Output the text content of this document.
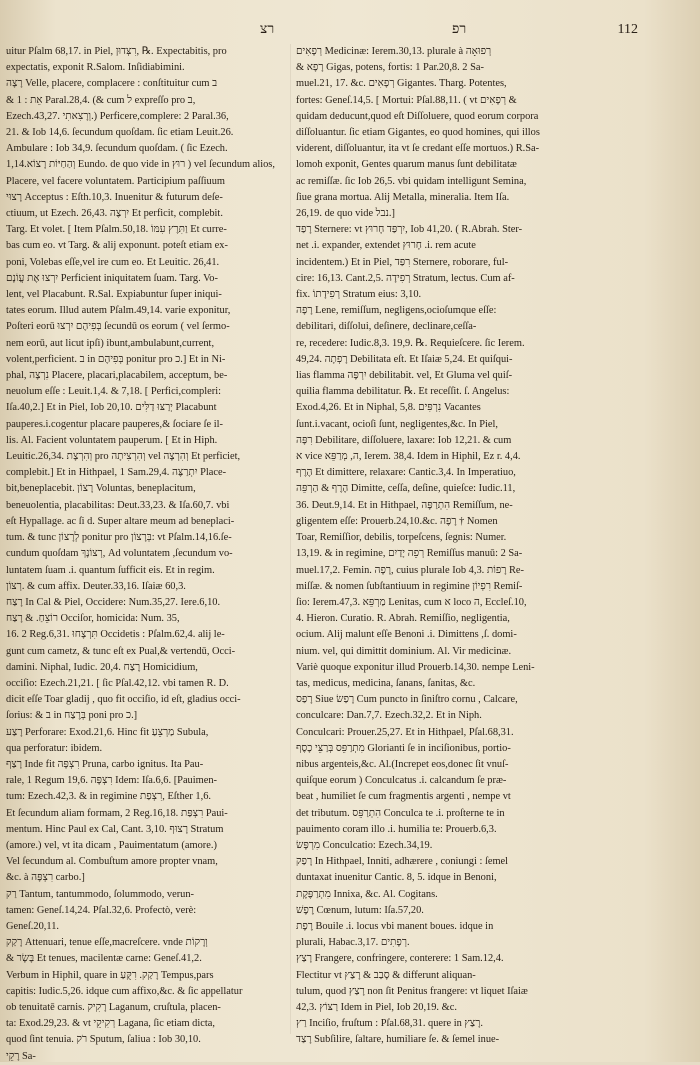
רצ	רפ	112

uitur Pſalm 68,17. in Piel, רִצְּדוּן, ℞. Expectabitis, pro

expectatis, exponit R.Salom. Inſidiabimini.

רָצָה Velle, placere, complacere : conſtituitur cum ב

& אֵת : 1 Paral.28,4. (& cum ל expreſſo pro ב,

Ezech.43,27. וְרָצִאתִי.) Perficere,complere: 2 Paral.36,

21. & Iob 14,6. ſecundum quoſdam. ſic etiam Leuit.26.

Ambulare : Iob 34,9. ſecundum quoſdam. ( ſic Ezech.

1,14.וְהַחַיּוֹת רָצוֹא Eundo. de quo vide in רוּץ ) vel ſecundum alios,

Placere, vel facere voluntatem. Participium paſſiuum

רָצוּי Acceptus : Eſth.10,3. Inuenitur & futurum deſe-

ctiuum, ut Ezech. 26,43. יִרְצֶה Et perficit, complebit.

Targ. Et volet. [ Item Pſalm.50,18. וַתִּרֶץ עִמּוֹ Et curre-

bas cum eo. vt Targ. & alij exponunt. poteſt etiam ex-

poni, Volebas eſſe,vel ire cum eo. Et Leuitic. 26,41.

יִרְצוּ אֶת עֲוֹנָם Perficient iniquitatem ſuam. Targ. Vo-

lent, vel Placabunt. R.Sal. Expiabuntur ſuper iniqui-

tates eorum. Illud autem Pſalm.49,14. varie exponitur,

Poſteri eorū בְּפִיהֶם יִרְצוּ ſecundū os eorum ( vel ſermo-

nem eorū, aut licut ipſi) ibunt,ambulabunt,current,

volent,perficient. ב in בְּפִיהֶם ponitur pro כ.] Et in Ni-

phal, נִרְצָה Placere, placari,placabilem, acceptum, be-

neuolum eſſe : Leuit.1,4. & 7,18. [ Perfici,compleri:

Iſa.40,2.] Et in Piel, Iob 20,10. יְרַצּוּ דַלִּים Placabunt

pauperes.i.cogentur placare pauperes,& ſociare ſe il-

lis. Al. Facient voluntatem pauperum. [ Et in Hiph.

Leuitic.26,34. וְהִרְצָת pro וְהִרְצִיתָה vel וְהִרְצָה Et perficiet,

complebit.] Et in Hithpael, 1 Sam.29,4. יִתְרַצֶּה Place-

bit,beneplacebit. רָצוֹן Voluntas, beneplacitum,

beneuolentia, placabilitas: Deut.33,23. & Iſa.60,7. vbi

eſt Hypallage. ac ſi d. Super altare meum ad beneplaci-

tum. & tunc לְרָצוֹן ponitur pro בְּרָצוֹן: vt Pſalm.14,16.ſe-

cundum quoſdam רְצוֹנָךְ, Ad voluntatem ,ſecundum vo-

luntatem ſuam .i. quantum ſufficit eis. Et in regim.

רְצוֹן. & cum affix. Deuter.33,16. Iſaiæ 60,3.

רָצַח In Cal & Piel, Occidere: Num.35,27. Iere.6,10.

רוֹצֵחַ. & רָצַח Occiſor, homicida: Num. 35,

16. 2 Reg.6,31. תִּרְצָחוּ Occidetis : Pſalm.62,4. alij le-

gunt cum cametz, & tunc eſt ex Pual,& vertendū, Occi-

damini. Niphal, Iudic. 20,4. רֶצַח Homicidium,

occiſio: Ezech.21,21. [ ſic Pſal.42,12. vbi tamen R. D.

dicit eſſe Toar gladij , quo fit occiſio, id eſt, gladius occi-

ſorius: & ב in בְּרֶצַח poni pro כ.]

רָצַע Perforare: Exod.21,6. Hinc fit מַרְצֵעַ Subula,

qua perforatur: ibidem.

רָצַף Inde fit רִצְפָּה Pruna, carbo ignitus. Ita Pau-

rale, 1 Regum 19,6. רִצְפָּה Idem: Iſa.6,6. [Pauimen-

tum: Ezech.42,3. & in regimine רִצְפַת, Eſther 1,6.

Et ſecundum aliam formam, 2 Reg.16,18. רִצְפַּת Paui-

mentum. Hinc Paul ex Cal, Cant. 3,10. רָצוּף Stratum

(amore.) vel, vt ita dicam , Pauimentatum (amore.)

Vel ſecundum al. Combuſtum amore propter vnam,

&c. à רִצְפָּה carbo.]

רַק Tantum, tantummodo, ſolummodo, verun-

tamen: Geneſ.14,24. Pſal.32,6. Profectò, verè:

Geneſ.20,11.

רָקַק Attenuari, tenue eſſe,macreſcere. vnde וְרָקוֹת

& בָּשָׂר Et tenues, macilentæ carne: Geneſ.41,2.

Verbum in Hiphil, quare in רָקַק. רִקֻּעַ Tempus,pars

capitis: Iudic.5,26. idque cum affixo,&c. & ſic appellatur

ob tenuitatē carnis. רָקִיק Laganum, cruſtula, placen-

ta: Exod.29,23. & vt רְקִיקֵי Lagana, ſic etiam dicta,

quod ſint tenuia. רֹק Sputum, ſaliua : Iob 30,10.

רָקֵי Sa-

רְפָאִים Medicinæ: Ierem.30,13. plurale à רְפוּאָה

& רָפָא Gigas, potens, fortis: 1 Par.20,8. 2 Sa-

muel.21, 17. &c. רְפָאִים Gigantes. Tharg. Potentes,

fortes: Geneſ.14,5. [ Mortui: Pſal.88,11. ( vt רְפָאִים &

quidam deducunt,quod eſt Diſſoluere, quod eorum corpora

diſſoluantur. ſic etiam Gigantes, eo quod homines, qui illos

viderent, diſſoluantur, ita vt ſe credant eſſe mortuos.) R.Sa-

lomoh exponit, Gentes quarum manus ſunt debilitatæ

ac remiſſæ. ſic Iob 26,5. vbi quidam intelligunt Semina,

ſiue grana mortua. Alij Metalla, mineralia. Item Iſa.

26,19. de quo vide נבל.]

רָפַד Sternere: vt יִרְפַּד חָרוּץ, Iob 41,20. ( R.Abrah. Ster-

net .i. expander, extendet חָרוּץ .i. rem acute

incidentem.) Et in Piel, רִפַּד Sternere, roborare, ful-

cire: 16,13. Cant.2,5. רְפִידָה Stratum, lectus. Cum af-

fix. רְפִידָתוֹ Stratum eius: 3,10.

רָפָה Lene, remiſſum, negligens,ocioſumque eſſe:

debilitari, diſſolui, deſinere, declinare,ceſſa-

re, recedere: Iudic.8,3. 19,9. ℞. Requieſcere. ſic Ierem.

49,24. רָפְתָה Debilitata eſt. Et Iſaiæ 5,24. Et quiſqui-

lias flamma יִרְפֶּה debilitabit. vel, Et Gluma vel quiſ-

quilia flamma debilitatur. ℞. Et receſſit. ſ. Angelus:

Exod.4,26. Et in Niphal, 5,8. נִרְפִּים Vacantes

ſunt.i.vacant, ocioſi ſunt, negligentes,&c. In Piel,

רִפָּה Debilitare, diſſoluere, laxare: Iob 12,21. & cum

א vice ה, מְרַפֵּא, Ierem. 38,4. Idem in Hiphil, Ez r. 4,4.

הֶרֶף Et dimittere, relaxare: Cantic.3,4. In Imperatiuo,

הֶרֶף & הַרְפֵּה Dimitte, ceſſa, deſine, quieſce: Iudic.11,

36. Deut.9,14. Et in Hithpael, הִתְרַפָּה Remiſſum, ne-

gligentem eſſe: Prouerb.24,10.&c. רָפֶה † Nomen

Toar, Remiſſior, debilis, torpeſcens, ſegnis: Numer.

13,19. & in regimine, רְפֵה יָדַיִם Remiſſus manuū: 2 Sa-

muel.17,2. Femin. רָפָה, cuius plurale Iob 4,3. רָפוֹת Re-

miſſæ. & nomen ſubſtantiuum in regimine רִפְיוֹן Remiſ-

ſio: Ierem.47,3. מַרְפֵּא Lenitas, cum א loco ה, Eccleſ.10,

4. Hieron. Curatio. R. Abrah. Remiſſio, negligentia,

ocium. Alij malunt eſſe Benoni .i. Dimittens ,ſ. domi-

nium. vel, qui dimittit dominium. Al. Vir medicinæ.

Variè quoque exponitur illud Prouerb.14,30. nempe Leni-

tas, medicus, medicina, ſanans, ſanitas, &c.

רָפַס Siue רָפַשׂ Cum puncto in ſiniſtro cornu , Calcare,

conculcare: Dan.7,7. Ezech.32,2. Et in Niph.

Conculcari: Prouer.25,27. Et in Hithpael, Pſal.68,31.

מִתְרַפֵּס בְּרַצֵּי כָסֶף Glorianti ſe in inciſionibus, portio-

nibus argenteis,&c. Al.(Increpet eos,donec ſit vnuſ-

quiſque eorum ) Conculcatus .i. calcandum ſe præ-

beat , humiliet ſe cum fragmentis argenti , nempe vt

det tributum. הִתְרַפֵּס Conculca te .i. proſterne te in

pauimento coram illo .i. humilia te: Prouerb.6,3.

מִרְפָּשׂ Conculcatio: Ezech.34,19.

רָפַק In Hithpael, Inniti, adhærere , coniungi : ſemel

duntaxat inuenitur Cantic. 8, 5. idque in Benoni,

מִתְרַפֶּקֶת Innixa, &c. Al. Cogitans.

רֶפֶשׁ Cœnum, lutum: Iſa.57,20.

רֶפֶת Bouile .i. locus vbi manent boues. idque in

plurali, Habac.3,17. רְפָתִים.

רָצַץ Frangere, confringere, conterere: 1 Sam.12,4.

Flectitur vt סָבַב & רָצַץ & differunt aliquan-

tulum, quod רָצַץ non ſit Penitus frangere: vt liquet Iſaiæ

42,3. רַצּוֹץ Idem in Piel, Iob 20,19. &c.

רַץ Inciſio, fruſtum : Pſal.68,31. quere in רָצַץ.

רָצַד Subſilire, ſaltare, humiliare ſe. & ſemel inue-
